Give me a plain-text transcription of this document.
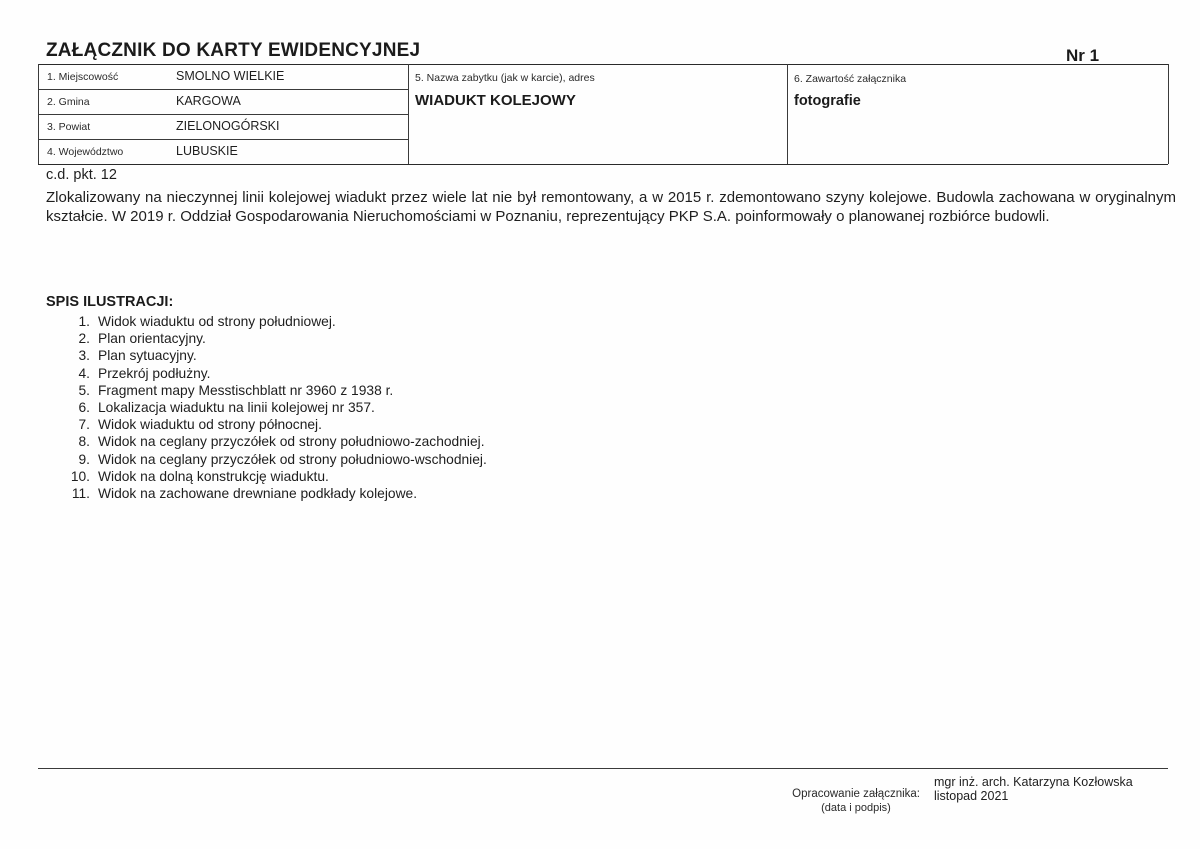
ZAŁĄCZNIK DO KARTY EWIDENCYJNEJ	Nr 1
1. Miejscowość	SMOLNO WIELKIE
2. Gmina	KARGOWA
3. Powiat	ZIELONOGÓRSKI
4. Województwo	LUBUSKIE
5. Nazwa zabytku (jak w karcie), adres
WIADUKT KOLEJOWY
6. Zawartość załącznika
fotografie
c.d. pkt. 12

Zlokalizowany na nieczynnej linii kolejowej wiadukt przez wiele lat nie był remontowany, a w 2015 r. zdemontowano szyny kolejowe. Budowla zachowana w oryginalnym kształcie. W 2019 r. Oddział Gospodarowania Nieruchomościami w Poznaniu, reprezentujący PKP S.A. poinformowały o planowanej rozbiórce budowli.

SPIS ILUSTRACJI:
1. Widok wiaduktu od strony południowej.
2. Plan orientacyjny.
3. Plan sytuacyjny.
4. Przekrój podłużny.
5. Fragment mapy Messtischblatt nr 3960 z 1938 r.
6. Lokalizacja wiaduktu na linii kolejowej nr 357.
7. Widok wiaduktu od strony północnej.
8. Widok na ceglany przyczółek od strony południowo-zachodniej.
9. Widok na ceglany przyczółek od strony południowo-wschodniej.
10. Widok na dolną konstrukcję wiaduktu.
11. Widok na zachowane drewniane podkłady kolejowe.
Opracowanie załącznika:
(data i podpis)
mgr inż. arch. Katarzyna Kozłowska
listopad 2021
